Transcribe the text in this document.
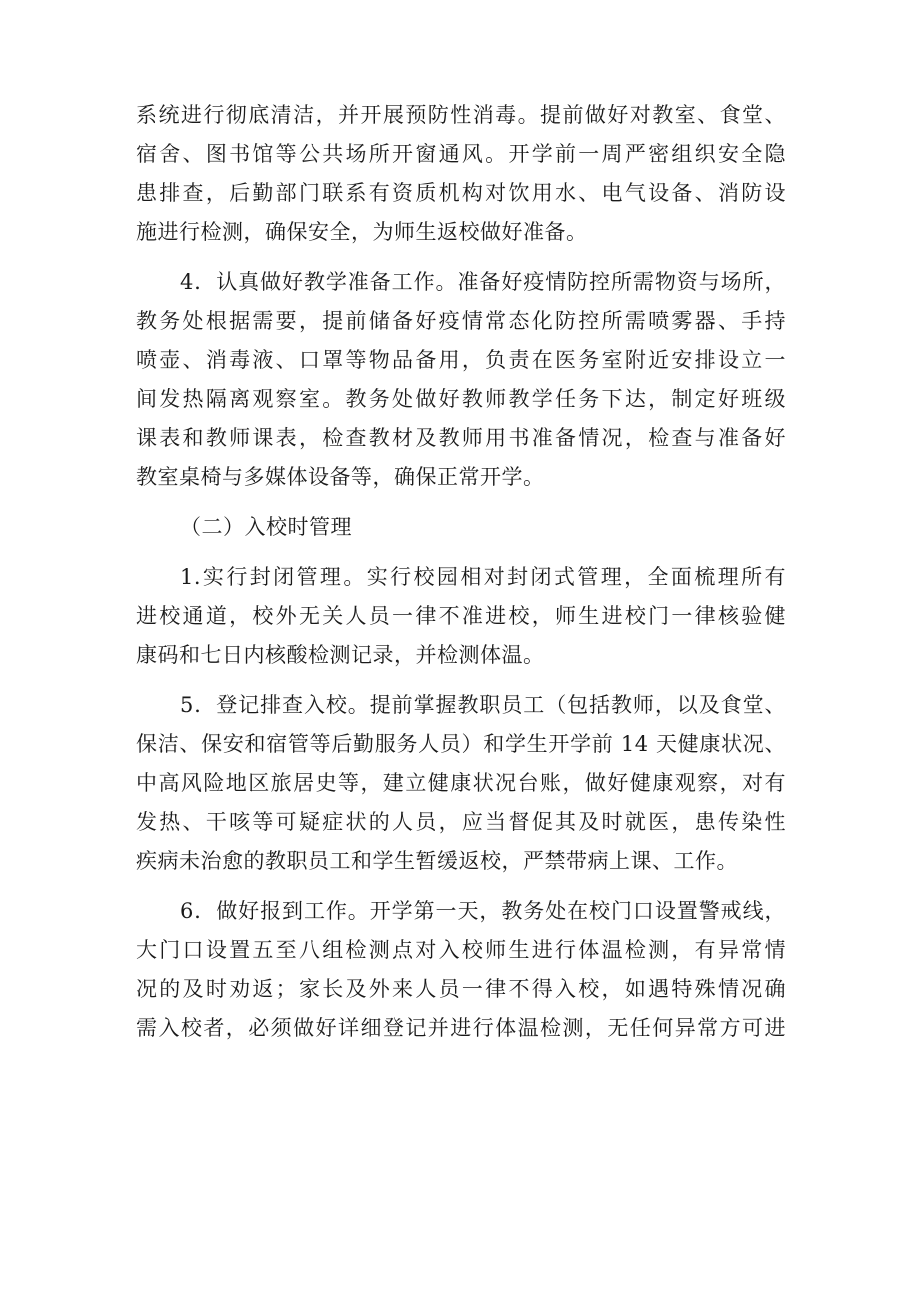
系统进行彻底清洁，并开展预防性消毒。提前做好对教室、食堂、
宿舍、图书馆等公共场所开窗通风。开学前一周严密组织安全隐
患排查，后勤部门联系有资质机构对饮用水、电气设备、消防设
施进行检测，确保安全，为师生返校做好准备。
4．认真做好教学准备工作。准备好疫情防控所需物资与场所，
教务处根据需要，提前储备好疫情常态化防控所需喷雾器、手持
喷壶、消毒液、口罩等物品备用，负责在医务室附近安排设立一
间发热隔离观察室。教务处做好教师教学任务下达，制定好班级
课表和教师课表，检查教材及教师用书准备情况，检查与准备好
教室桌椅与多媒体设备等，确保正常开学。
（二）入校时管理
1.实行封闭管理。实行校园相对封闭式管理，全面梳理所有
进校通道，校外无关人员一律不准进校，师生进校门一律核验健
康码和七日内核酸检测记录，并检测体温。
5．登记排查入校。提前掌握教职员工（包括教师，以及食堂、
保洁、保安和宿管等后勤服务人员）和学生开学前 14 天健康状况、
中高风险地区旅居史等，建立健康状况台账，做好健康观察，对有
发热、干咳等可疑症状的人员，应当督促其及时就医，患传染性
疾病未治愈的教职员工和学生暂缓返校，严禁带病上课、工作。
6．做好报到工作。开学第一天，教务处在校门口设置警戒线，
大门口设置五至八组检测点对入校师生进行体温检测，有异常情
况的及时劝返；家长及外来人员一律不得入校，如遇特殊情况确
需入校者，必须做好详细登记并进行体温检测，无任何异常方可进
